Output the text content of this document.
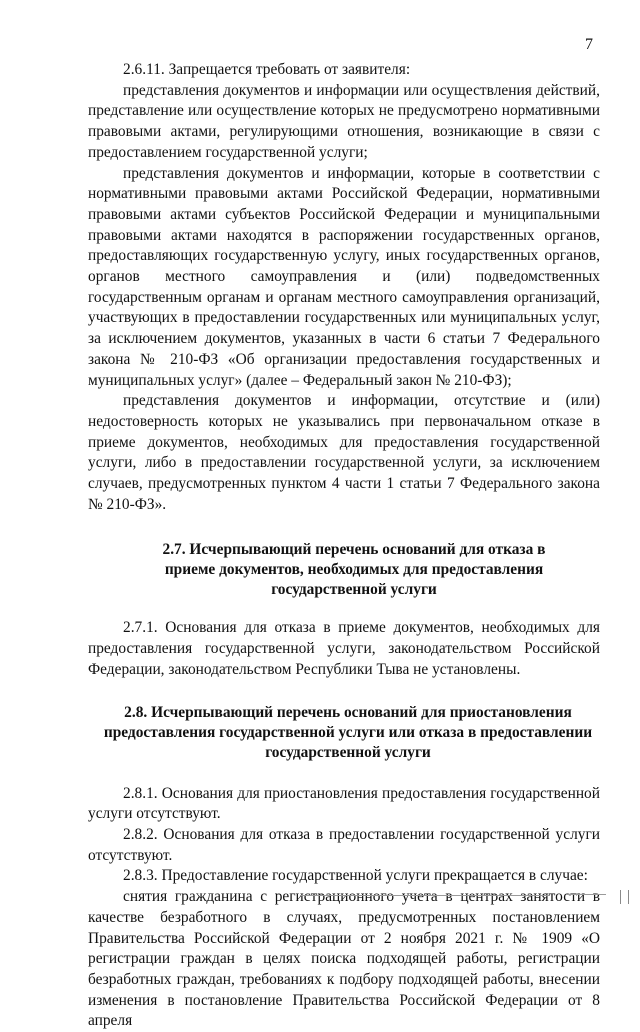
7

2.6.11. Запрещается требовать от заявителя:

представления документов и информации или осуществления действий, представление или осуществление которых не предусмотрено нормативными правовыми актами, регулирующими отношения, возникающие в связи с предоставлением государственной услуги;

представления документов и информации, которые в соответствии с нормативными правовыми актами Российской Федерации, нормативными правовыми актами субъектов Российской Федерации и муниципальными правовыми актами находятся в распоряжении государственных органов, предоставляющих государственную услугу, иных государственных органов, органов местного самоуправления и (или) подведомственных государственным органам и органам местного самоуправления организаций, участвующих в предоставлении государственных или муниципальных услуг, за исключением документов, указанных в части 6 статьи 7 Федерального закона № 210-ФЗ «Об организации предоставления государственных и муниципальных услуг» (далее – Федеральный закон № 210-ФЗ);

представления документов и информации, отсутствие и (или) недостоверность которых не указывались при первоначальном отказе в приеме документов, необходимых для предоставления государственной услуги, либо в предоставлении государственной услуги, за исключением случаев, предусмотренных пунктом 4 части 1 статьи 7 Федерального закона № 210-ФЗ».

2.7. Исчерпывающий перечень оснований для отказа в приеме документов, необходимых для предоставления государственной услуги

2.7.1. Основания для отказа в приеме документов, необходимых для предоставления государственной услуги, законодательством Российской Федерации, законодательством Республики Тыва не установлены.

2.8. Исчерпывающий перечень оснований для приостановления предоставления государственной услуги или отказа в предоставлении государственной услуги

2.8.1. Основания для приостановления предоставления государственной услуги отсутствуют.

2.8.2. Основания для отказа в предоставлении государственной услуги отсутствуют.

2.8.3. Предоставление государственной услуги прекращается в случае:

снятия гражданина с регистрационного учета в центрах занятости в качестве безработного в случаях, предусмотренных постановлением Правительства Российской Федерации от 2 ноября 2021 г. № 1909 «О регистрации граждан в целях поиска подходящей работы, регистрации безработных граждан, требованиях к подбору подходящей работы, внесении изменения в постановление Правительства Российской Федерации от 8 апреля
